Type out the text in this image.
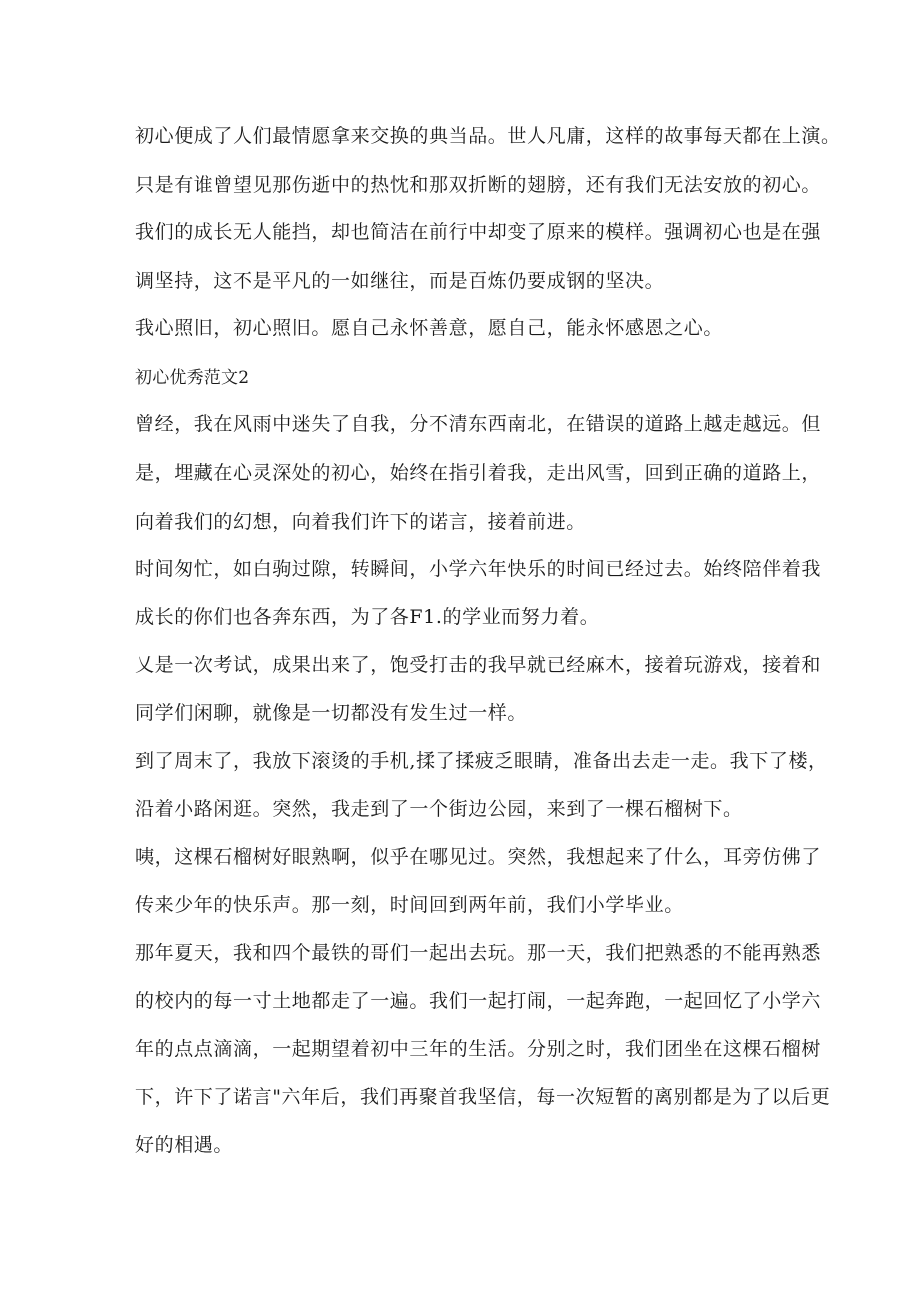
初心便成了人们最情愿拿来交换的典当品。世人凡庸，这样的故事每天都在上演。
只是有谁曾望见那伤逝中的热忱和那双折断的翅膀，还有我们无法安放的初心。
我们的成长无人能挡，却也简洁在前行中却变了原来的模样。强调初心也是在强
调坚持，这不是平凡的一如继往，而是百炼仍要成钢的坚决。
我心照旧，初心照旧。愿自己永怀善意，愿自己，能永怀感恩之心。
初心优秀范文2
曾经，我在风雨中迷失了自我，分不清东西南北，在错误的道路上越走越远。但
是，埋藏在心灵深处的初心，始终在指引着我，走出风雪，回到正确的道路上，
向着我们的幻想，向着我们许下的诺言，接着前进。
时间匆忙，如白驹过隙，转瞬间，小学六年快乐的时间已经过去。始终陪伴着我
成长的你们也各奔东西，为了各F1.的学业而努力着。
乂是一次考试，成果出来了，饱受打击的我早就已经麻木，接着玩游戏，接着和
同学们闲聊，就像是一切都没有发生过一样。
到了周末了，我放下滚烫的手机,揉了揉疲乏眼睛，准备出去走一走。我下了楼，
沿着小路闲逛。突然，我走到了一个街边公园，来到了一棵石榴树下。
咦，这棵石榴树好眼熟啊，似乎在哪见过。突然，我想起来了什么，耳旁仿佛了
传来少年的快乐声。那一刻，时间回到两年前，我们小学毕业。
那年夏天，我和四个最铁的哥们一起出去玩。那一天，我们把熟悉的不能再熟悉
的校内的每一寸土地都走了一遍。我们一起打闹，一起奔跑，一起回忆了小学六
年的点点滴滴，一起期望着初中三年的生活。分别之时，我们团坐在这棵石榴树
下，许下了诺言"六年后，我们再聚首我坚信，每一次短暂的离别都是为了以后更
好的相遇。
